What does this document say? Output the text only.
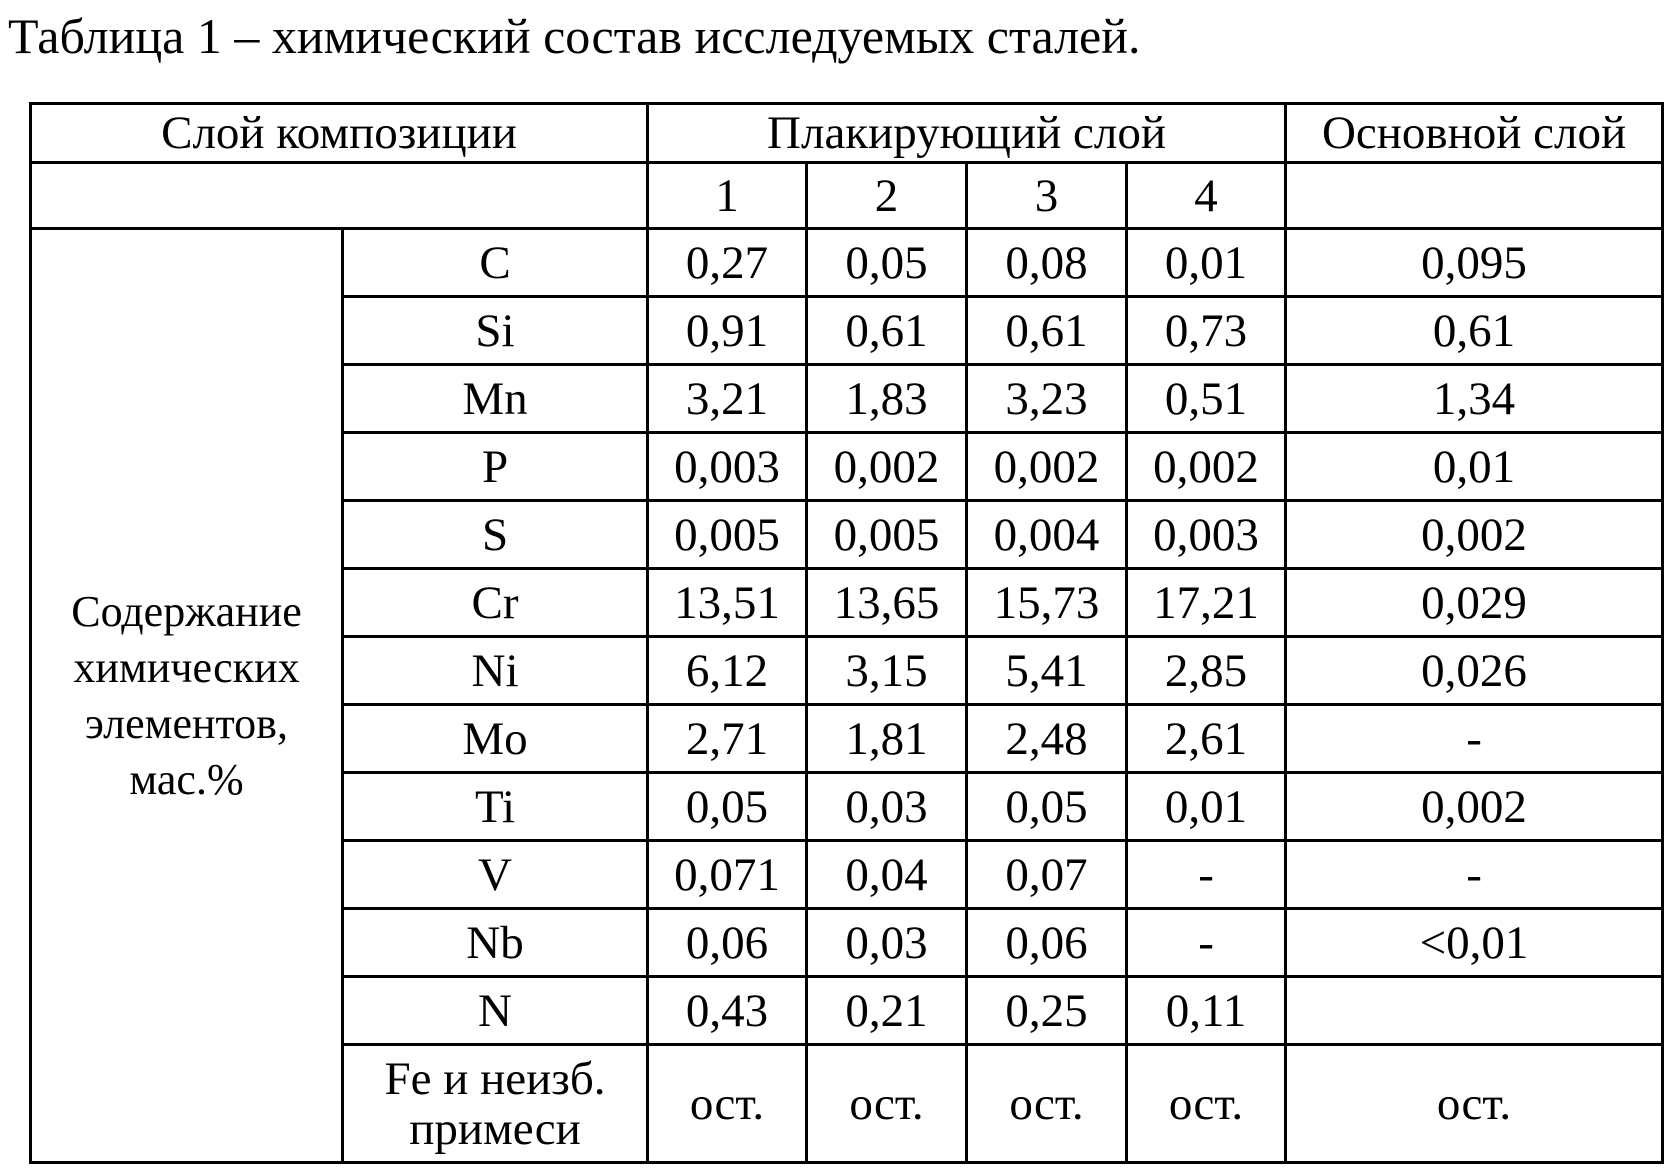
Таблица 1 – химический состав исследуемых сталей.
Слой композиции		Плакирующий слой				Основной слой
		1	2	3	4	
Содержание химических элементов, мас.%	C	0,27	0,05	0,08	0,01	0,095
	Si	0,91	0,61	0,61	0,73	0,61
	Mn	3,21	1,83	3,23	0,51	1,34
	P	0,003	0,002	0,002	0,002	0,01
	S	0,005	0,005	0,004	0,003	0,002
	Cr	13,51	13,65	15,73	17,21	0,029
	Ni	6,12	3,15	5,41	2,85	0,026
	Mo	2,71	1,81	2,48	2,61	-
	Ti	0,05	0,03	0,05	0,01	0,002
	V	0,071	0,04	0,07	-	-
	Nb	0,06	0,03	0,06	-	<0,01
	N	0,43	0,21	0,25	0,11	
	Fe и неизб. примеси	ост.	ост.	ост.	ост.	ост.
